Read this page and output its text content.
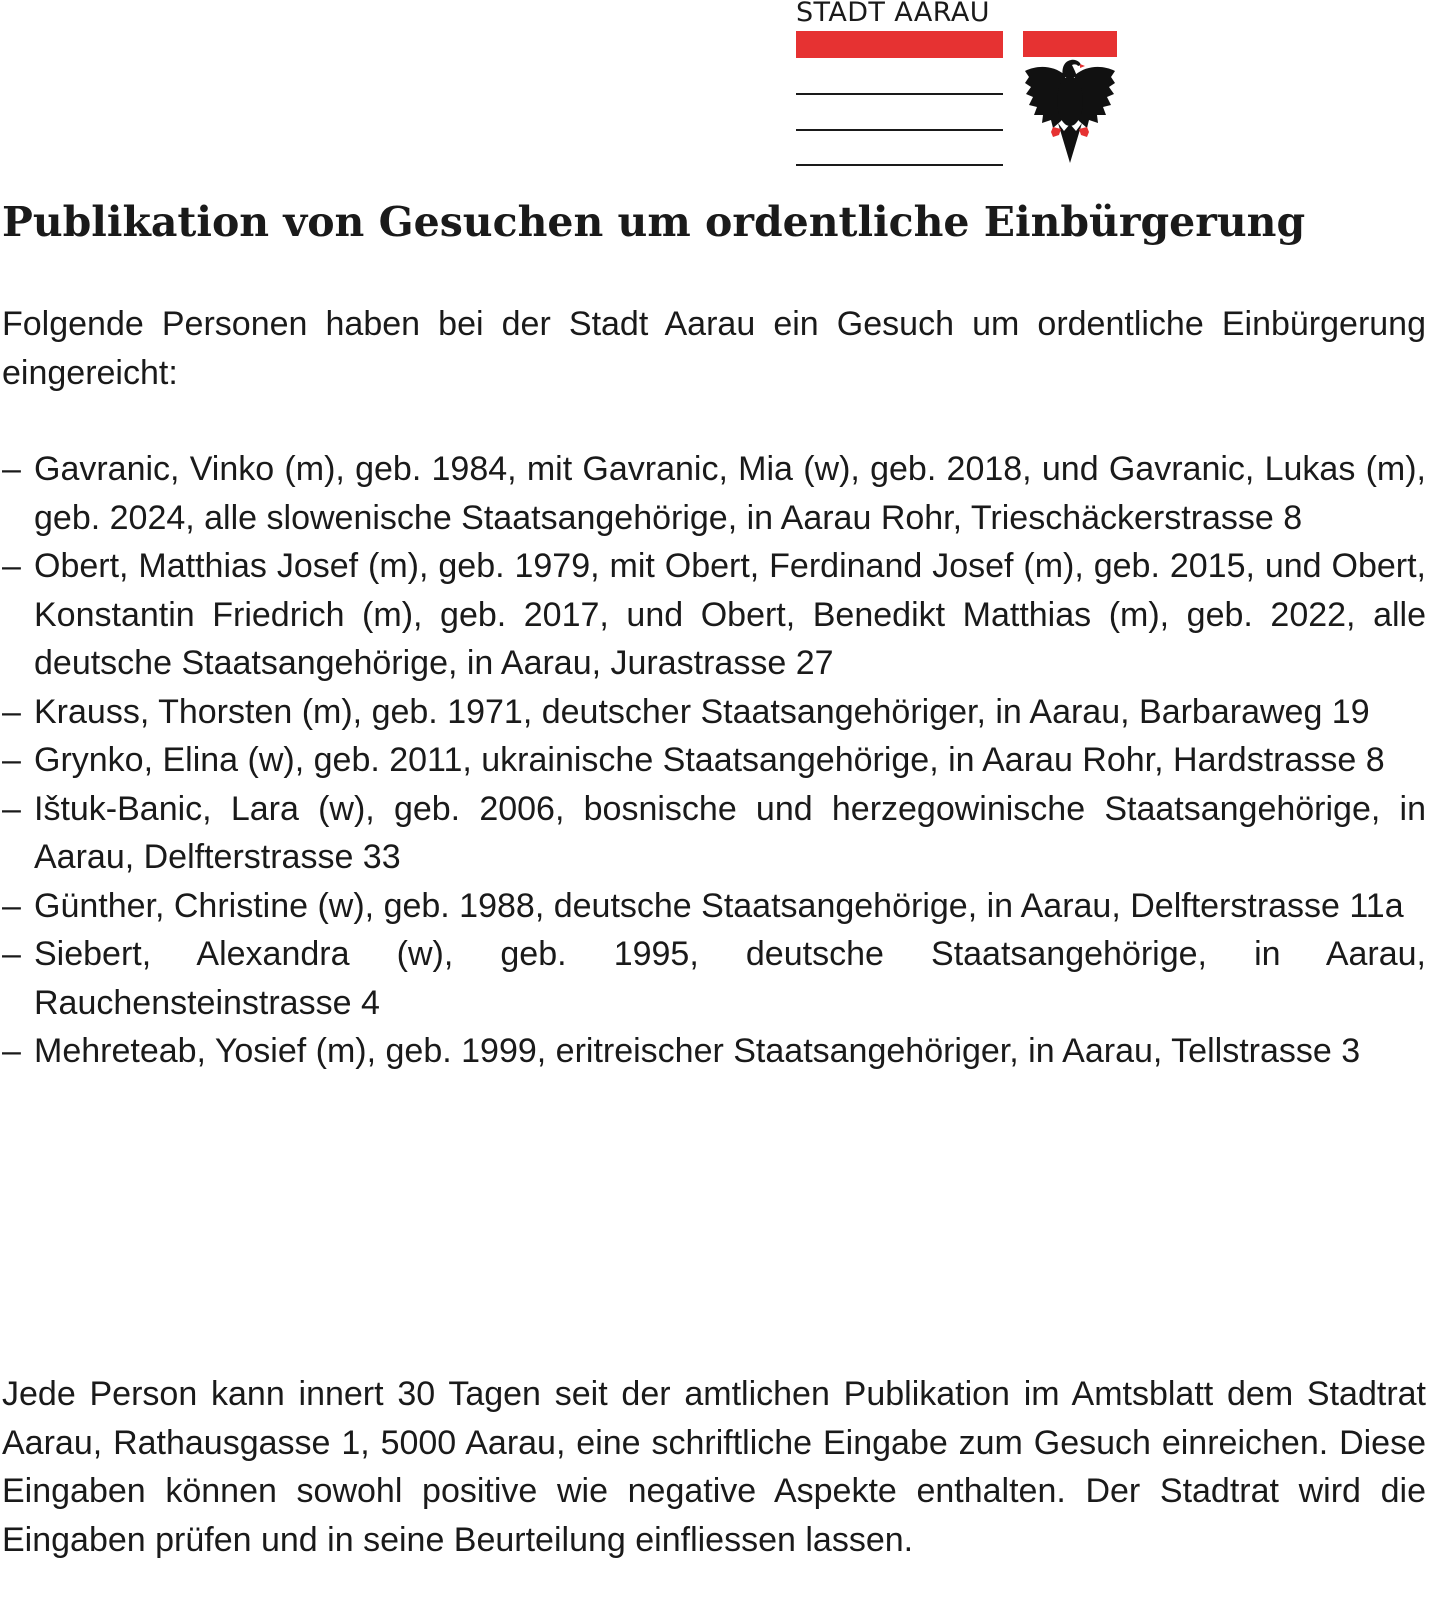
STADT AARAU
Publikation von Gesuchen um ordentliche Einbürgerung

Folgende Personen haben bei der Stadt Aarau ein Gesuch um ordentliche Einbürgerung eingereicht:

– Gavranic, Vinko (m), geb. 1984, mit Gavranic, Mia (w), geb. 2018, und Gavranic, Lukas (m), geb. 2024, alle slowenische Staatsangehörige, in Aarau Rohr, Trieschäckerstrasse 8
– Obert, Matthias Josef (m), geb. 1979, mit Obert, Ferdinand Josef (m), geb. 2015, und Obert, Konstantin Friedrich (m), geb. 2017, und Obert, Benedikt Matthias (m), geb. 2022, alle deutsche Staatsangehörige, in Aarau, Jurastrasse 27
– Krauss, Thorsten (m), geb. 1971, deutscher Staatsangehöriger, in Aarau, Barbaraweg 19
– Grynko, Elina (w), geb. 2011, ukrainische Staatsangehörige, in Aarau Rohr, Hardstrasse 8
– Ištuk-Banic, Lara (w), geb. 2006, bosnische und herzegowinische Staatsangehörige, in Aarau, Delfterstrasse 33
– Günther, Christine (w), geb. 1988, deutsche Staatsangehörige, in Aarau, Delfterstrasse 11a
– Siebert, Alexandra (w), geb. 1995, deutsche Staatsangehörige, in Aarau, Rauchensteinstrasse 4
– Mehreteab, Yosief (m), geb. 1999, eritreischer Staatsangehöriger, in Aarau, Tellstrasse 3

Jede Person kann innert 30 Tagen seit der amtlichen Publikation im Amtsblatt dem Stadtrat Aarau, Rathausgasse 1, 5000 Aarau, eine schriftliche Eingabe zum Gesuch einreichen. Diese Eingaben können sowohl positive wie negative Aspekte enthalten. Der Stadtrat wird die Eingaben prüfen und in seine Beurteilung einfliessen lassen.
